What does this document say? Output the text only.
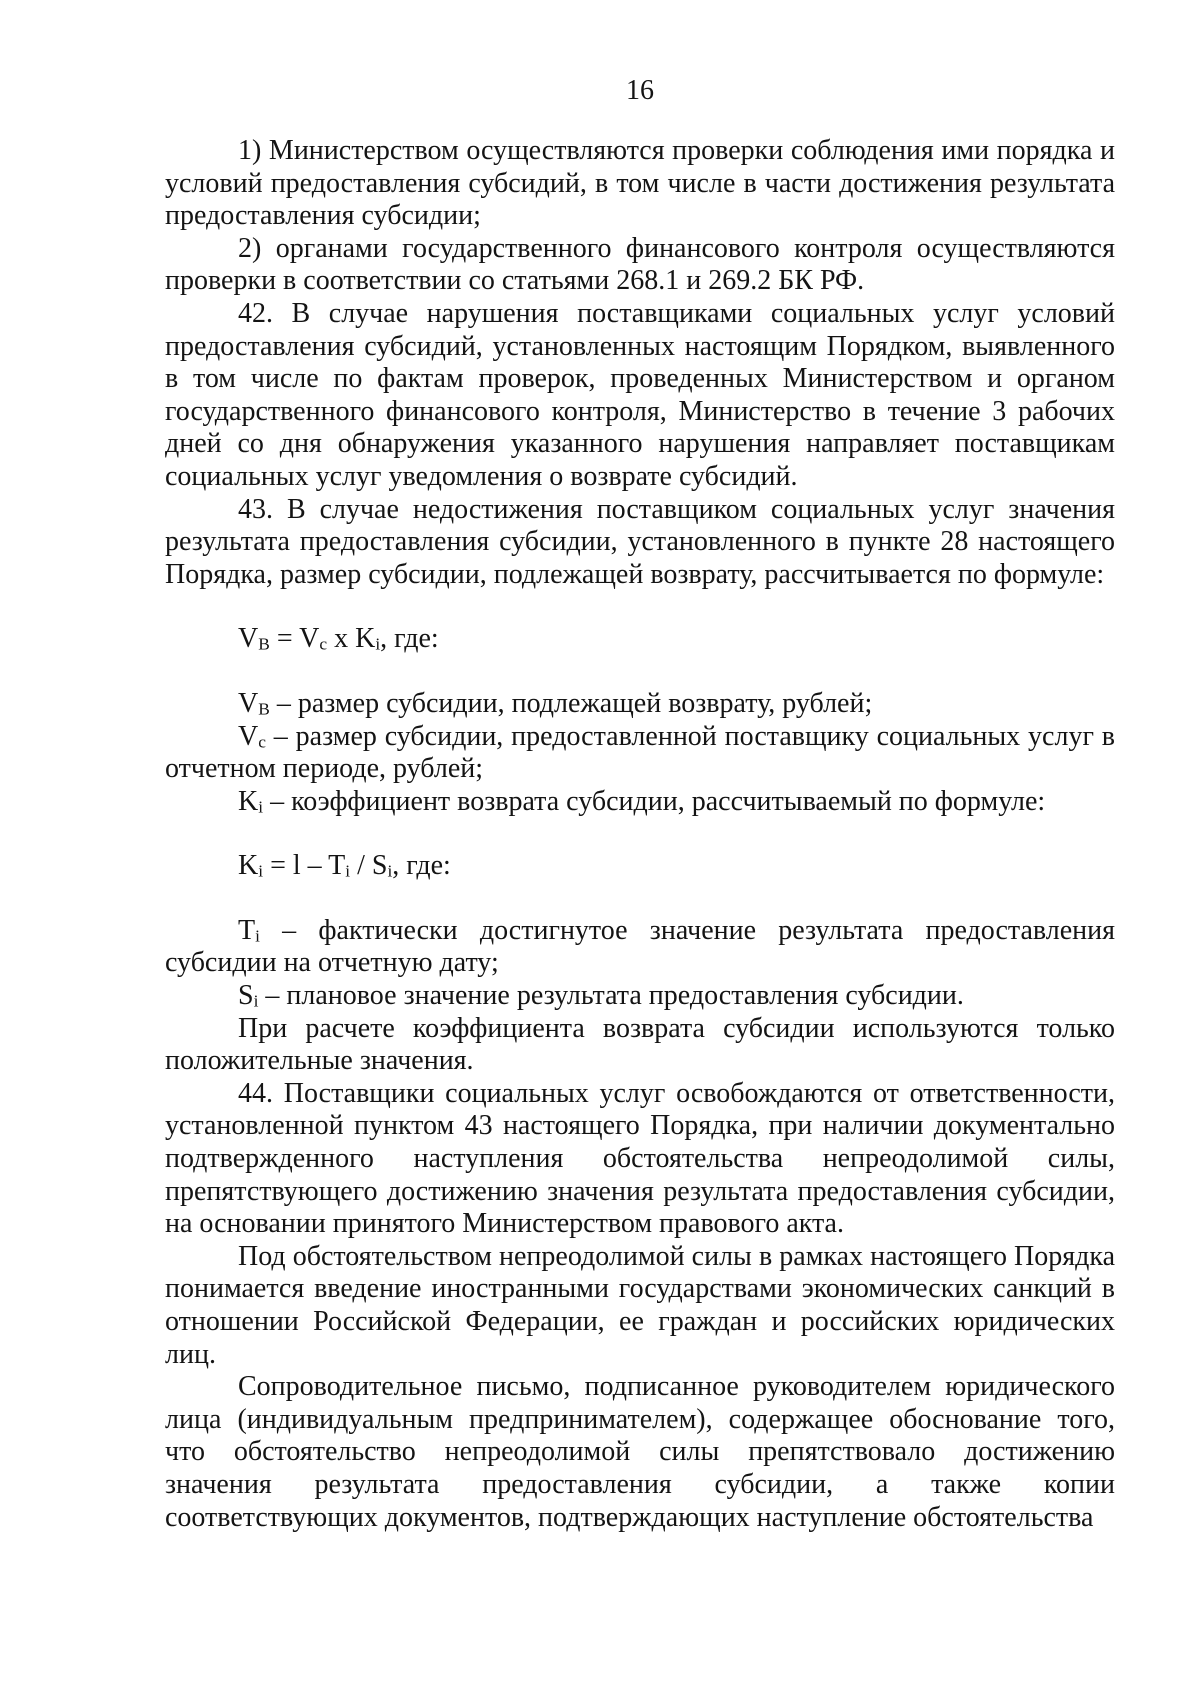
16

1) Министерством осуществляются проверки соблюдения ими порядка и условий предоставления субсидий, в том числе в части достижения результата предоставления субсидии;

2) органами государственного финансового контроля осуществляются проверки в соответствии со статьями 268.1 и 269.2 БК РФ.

42. В случае нарушения поставщиками социальных услуг условий предоставления субсидий, установленных настоящим Порядком, выявленного в том числе по фактам проверок, проведенных Министерством и органом государственного финансового контроля, Министерство в течение 3 рабочих дней со дня обнаружения указанного нарушения направляет поставщикам социальных услуг уведомления о возврате субсидий.

43. В случае недостижения поставщиком социальных услуг значения результата предоставления субсидии, установленного в пункте 28 настоящего Порядка, размер субсидии, подлежащей возврату, рассчитывается по формуле:

$V_B = V_c$ x $K_i$, где:

$V_B$ – размер субсидии, подлежащей возврату, рублей;

$V_c$ – размер субсидии, предоставленной поставщику социальных услуг в отчетном периоде, рублей;

$K_i$ – коэффициент возврата субсидии, рассчитываемый по формуле:

$K_i = l - T_i / S_i$, где:

$T_i$ – фактически достигнутое значение результата предоставления субсидии на отчетную дату;

$S_i$ – плановое значение результата предоставления субсидии.

При расчете коэффициента возврата субсидии используются только положительные значения.

44. Поставщики социальных услуг освобождаются от ответственности, установленной пунктом 43 настоящего Порядка, при наличии документально подтвержденного наступления обстоятельства непреодолимой силы, препятствующего достижению значения результата предоставления субсидии, на основании принятого Министерством правового акта.

Под обстоятельством непреодолимой силы в рамках настоящего Порядка понимается введение иностранными государствами экономических санкций в отношении Российской Федерации, ее граждан и российских юридических лиц.

Сопроводительное письмо, подписанное руководителем юридического лица (индивидуальным предпринимателем), содержащее обоснование того, что обстоятельство непреодолимой силы препятствовало достижению значения результата предоставления субсидии, а также копии соответствующих документов, подтверждающих наступление обстоятельства
